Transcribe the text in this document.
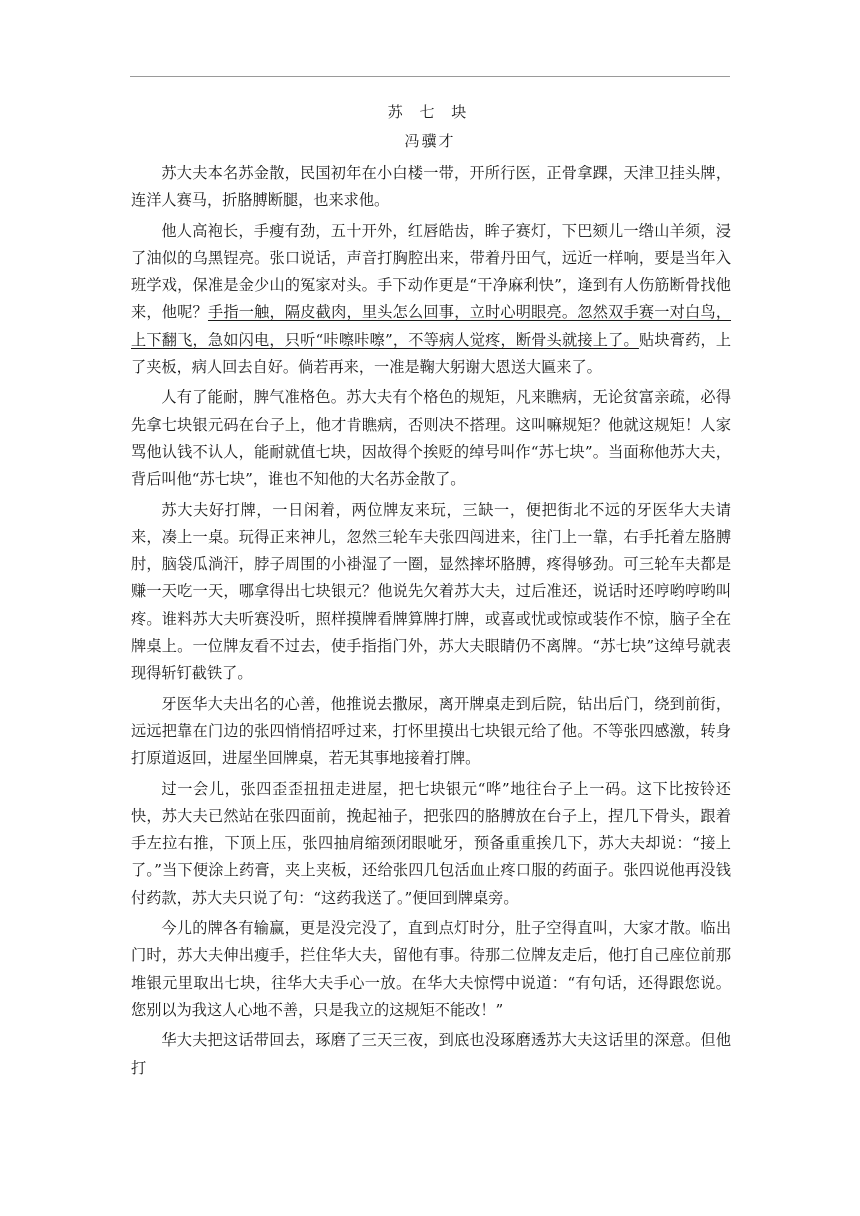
苏 七 块
冯骥才

苏大夫本名苏金散，民国初年在小白楼一带，开所行医，正骨拿踝，天津卫挂头牌，连洋人赛马，折胳膊断腿，也来求他。

他人高袍长，手瘦有劲，五十开外，红唇皓齿，眸子赛灯，下巴颏儿一绺山羊须，浸了油似的乌黑锃亮。张口说话，声音打胸腔出来，带着丹田气，远近一样响，要是当年入班学戏，保准是金少山的冤家对头。手下动作更是“干净麻利快”，逢到有人伤筋断骨找他来，他呢？手指一触，隔皮截肉，里头怎么回事，立时心明眼亮。忽然双手赛一对白鸟，上下翻飞，急如闪电，只听“咔嚓咔嚓”，不等病人觉疼，断骨头就接上了。贴块膏药，上了夹板，病人回去自好。倘若再来，一准是鞠大躬谢大恩送大匾来了。

人有了能耐，脾气准格色。苏大夫有个格色的规矩，凡来瞧病，无论贫富亲疏，必得先拿七块银元码在台子上，他才肯瞧病，否则决不搭理。这叫嘛规矩？他就这规矩！人家骂他认钱不认人，能耐就值七块，因故得个挨贬的绰号叫作“苏七块”。当面称他苏大夫，背后叫他“苏七块”，谁也不知他的大名苏金散了。

苏大夫好打牌，一日闲着，两位牌友来玩，三缺一，便把街北不远的牙医华大夫请来，凑上一桌。玩得正来神儿，忽然三轮车夫张四闯进来，往门上一靠，右手托着左胳膊肘，脑袋瓜淌汗，脖子周围的小褂湿了一圈，显然摔坏胳膊，疼得够劲。可三轮车夫都是赚一天吃一天，哪拿得出七块银元？他说先欠着苏大夫，过后准还，说话时还哼哟哼哟叫疼。谁料苏大夫听赛没听，照样摸牌看牌算牌打牌，或喜或忧或惊或装作不惊，脑子全在牌桌上。一位牌友看不过去，使手指指门外，苏大夫眼睛仍不离牌。“苏七块”这绰号就表现得斩钉截铁了。

牙医华大夫出名的心善，他推说去撒尿，离开牌桌走到后院，钻出后门，绕到前街，远远把靠在门边的张四悄悄招呼过来，打怀里摸出七块银元给了他。不等张四感激，转身打原道返回，进屋坐回牌桌，若无其事地接着打牌。

过一会儿，张四歪歪扭扭走进屋，把七块银元“哗”地往台子上一码。这下比按铃还快，苏大夫已然站在张四面前，挽起袖子，把张四的胳膊放在台子上，捏几下骨头，跟着手左拉右推，下顶上压，张四抽肩缩颈闭眼呲牙，预备重重挨几下，苏大夫却说：“接上了。”当下便涂上药膏，夹上夹板，还给张四几包活血止疼口服的药面子。张四说他再没钱付药款，苏大夫只说了句：“这药我送了。”便回到牌桌旁。

今儿的牌各有输赢，更是没完没了，直到点灯时分，肚子空得直叫，大家才散。临出门时，苏大夫伸出瘦手，拦住华大夫，留他有事。待那二位牌友走后，他打自己座位前那堆银元里取出七块，往华大夫手心一放。在华大夫惊愕中说道：“有句话，还得跟您说。您别以为我这人心地不善，只是我立的这规矩不能改！”

华大夫把这话带回去，琢磨了三天三夜，到底也没琢磨透苏大夫这话里的深意。但他打
